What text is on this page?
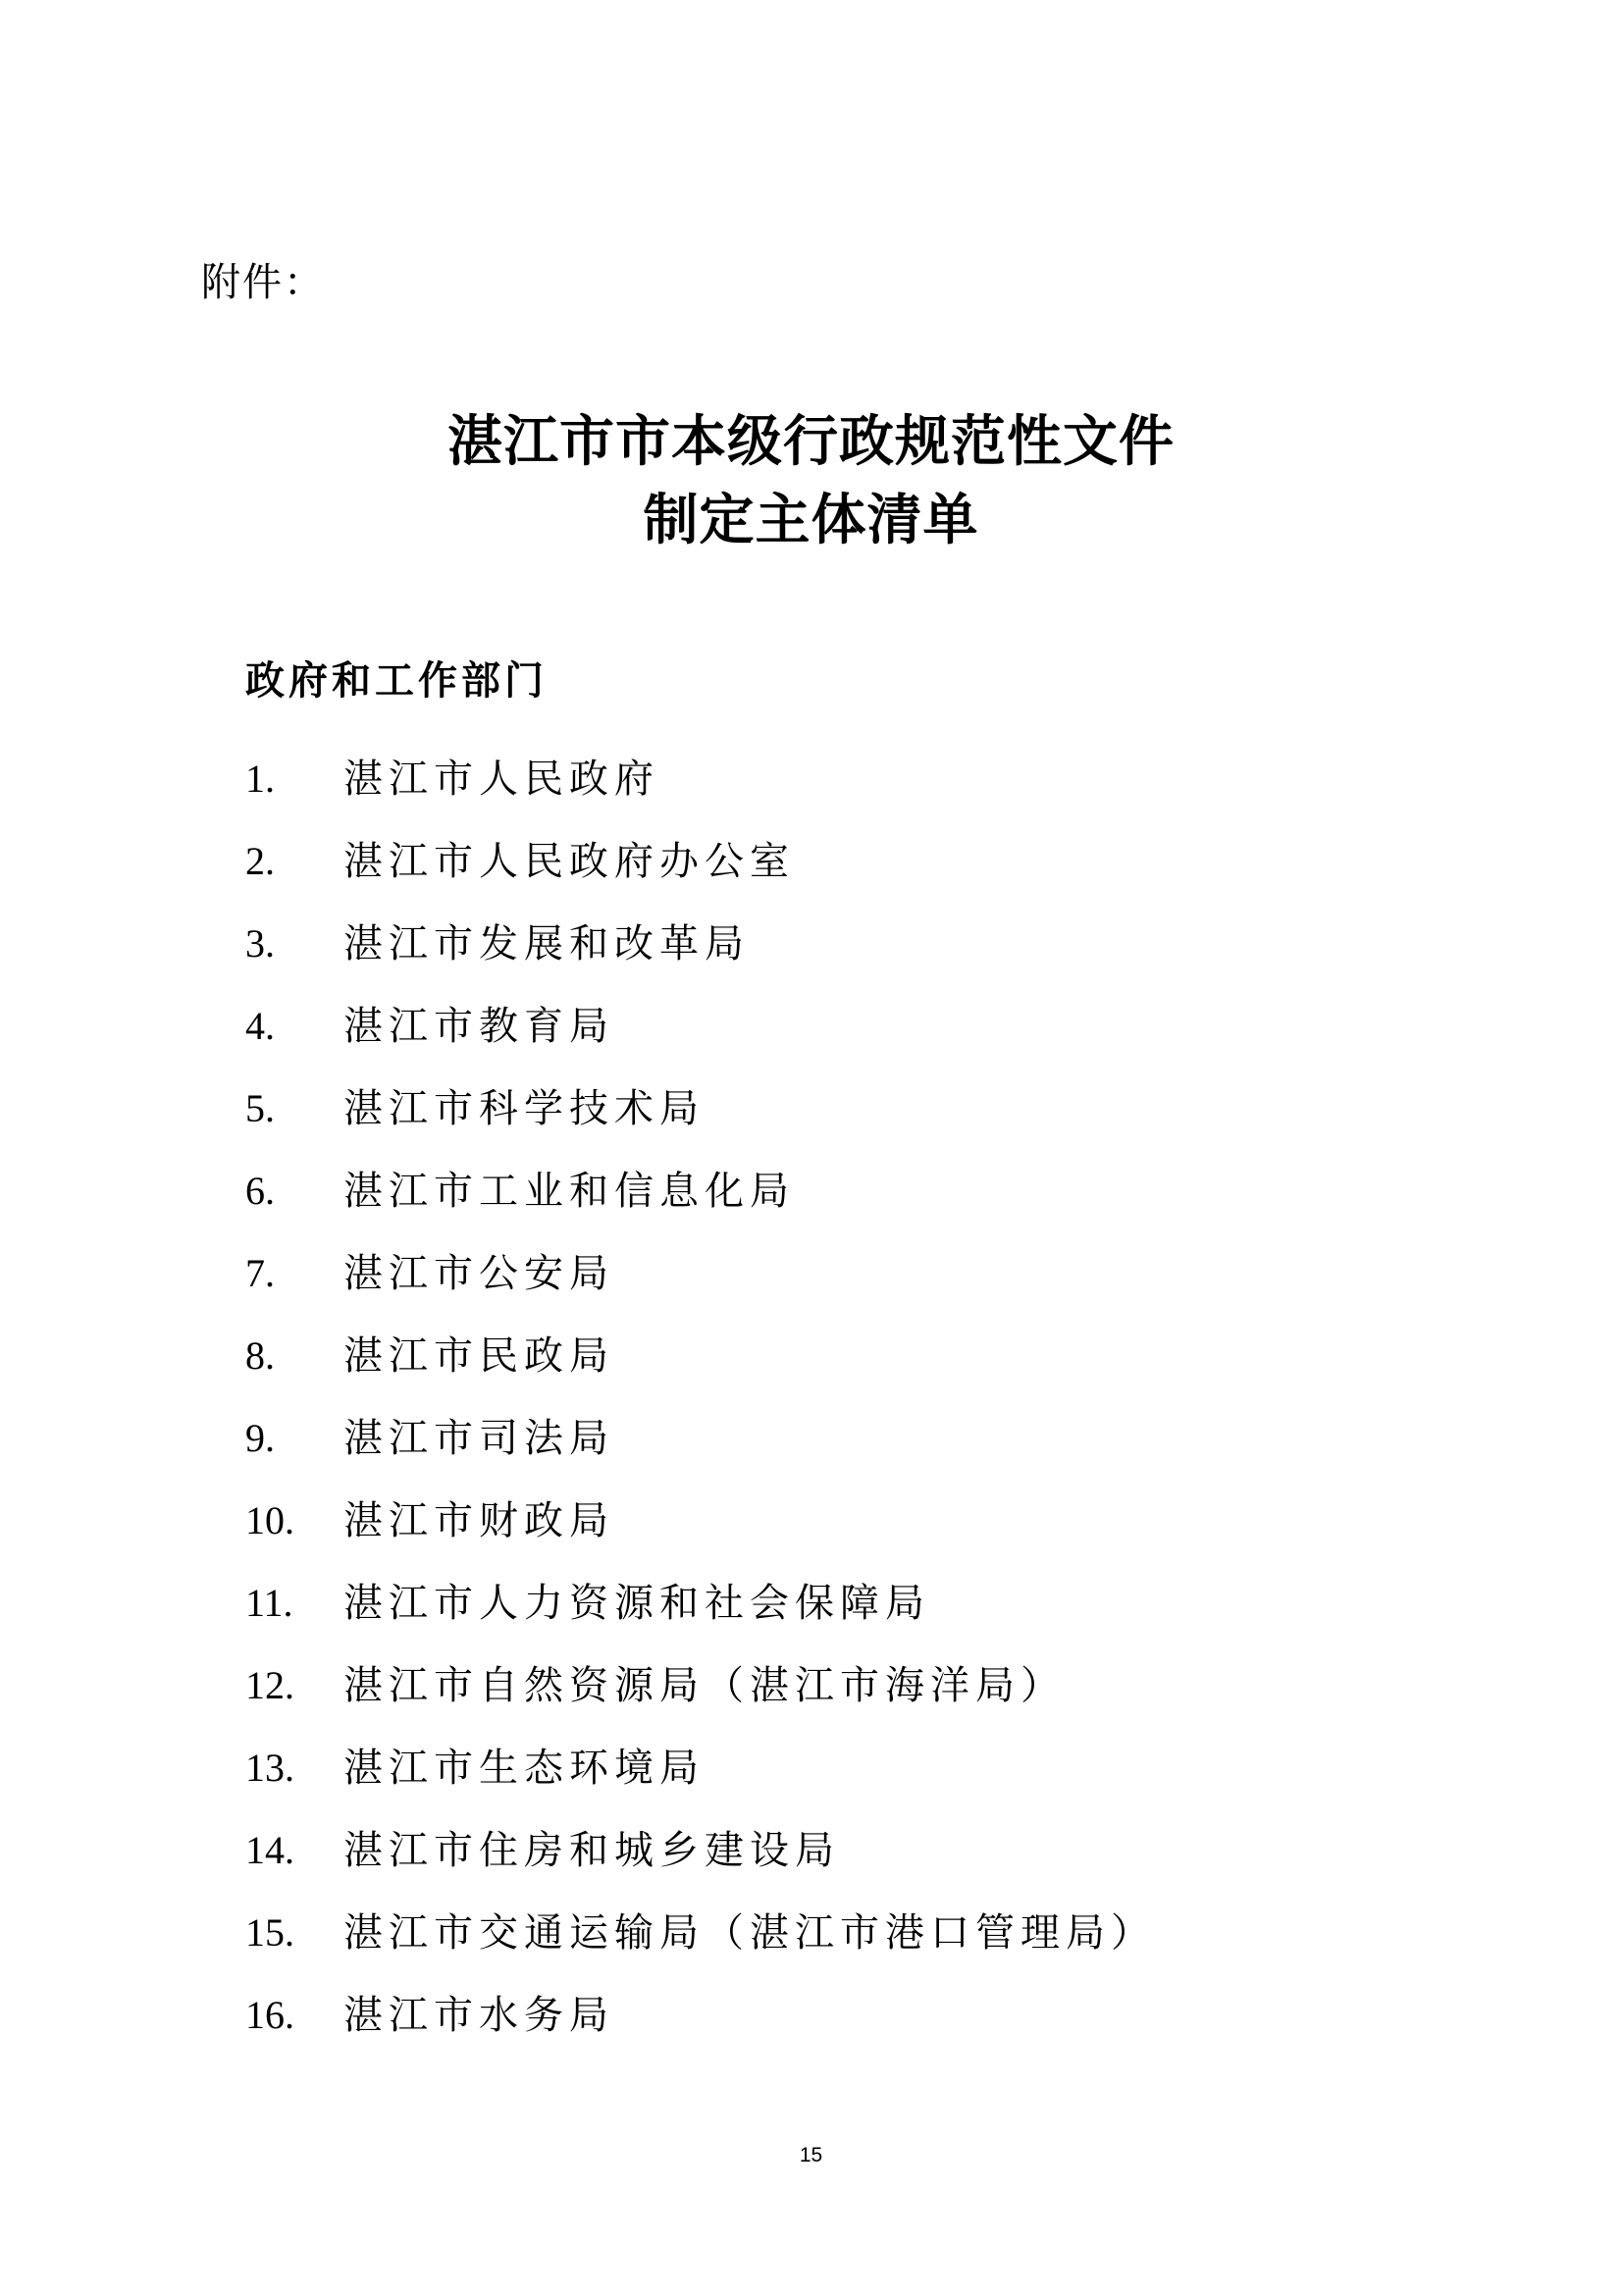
附件：
湛江市市本级行政规范性文件
制定主体清单
政府和工作部门
1.	湛江市人民政府
2.	湛江市人民政府办公室
3.	湛江市发展和改革局
4.	湛江市教育局
5.	湛江市科学技术局
6.	湛江市工业和信息化局
7.	湛江市公安局
8.	湛江市民政局
9.	湛江市司法局
10.	湛江市财政局
11.	湛江市人力资源和社会保障局
12.	湛江市自然资源局（湛江市海洋局）
13.	湛江市生态环境局
14.	湛江市住房和城乡建设局
15.	湛江市交通运输局（湛江市港口管理局）
16.	湛江市水务局
15
